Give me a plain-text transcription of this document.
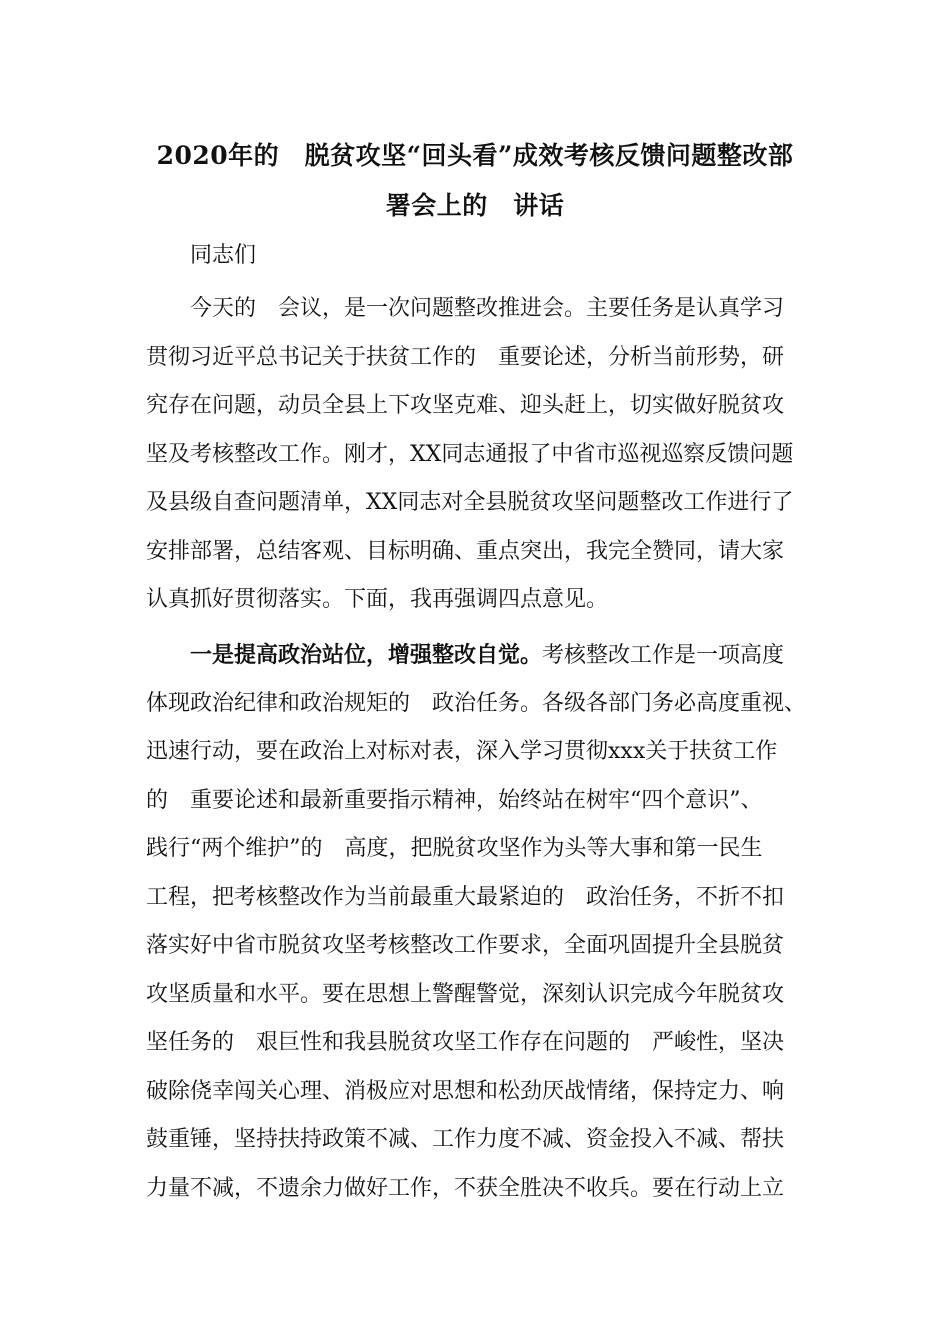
2020年的　脱贫攻坚“回头看”成效考核反馈问题整改部
署会上的　讲话
同志们
今天的　会议，是一次问题整改推进会。主要任务是认真学习
贯彻习近平总书记关于扶贫工作的　重要论述，分析当前形势，研
究存在问题，动员全县上下攻坚克难、迎头赶上，切实做好脱贫攻
坚及考核整改工作。刚才，XX同志通报了中省市巡视巡察反馈问题
及县级自查问题清单，XX同志对全县脱贫攻坚问题整改工作进行了
安排部署，总结客观、目标明确、重点突出，我完全赞同，请大家
认真抓好贯彻落实。下面，我再强调四点意见。
一是提高政治站位，增强整改自觉。考核整改工作是一项高度
体现政治纪律和政治规矩的　政治任务。各级各部门务必高度重视、
迅速行动，要在政治上对标对表，深入学习贯彻xxx关于扶贫工作
的　重要论述和最新重要指示精神，始终站在树牢“四个意识”、
践行“两个维护”的　高度，把脱贫攻坚作为头等大事和第一民生
工程，把考核整改作为当前最重大最紧迫的　政治任务，不折不扣
落实好中省市脱贫攻坚考核整改工作要求，全面巩固提升全县脱贫
攻坚质量和水平。要在思想上警醒警觉，深刻认识完成今年脱贫攻
坚任务的　艰巨性和我县脱贫攻坚工作存在问题的　严峻性，坚决
破除侥幸闯关心理、消极应对思想和松劲厌战情绪，保持定力、响
鼓重锤，坚持扶持政策不减、工作力度不减、资金投入不减、帮扶
力量不减，不遗余力做好工作，不获全胜决不收兵。要在行动上立
